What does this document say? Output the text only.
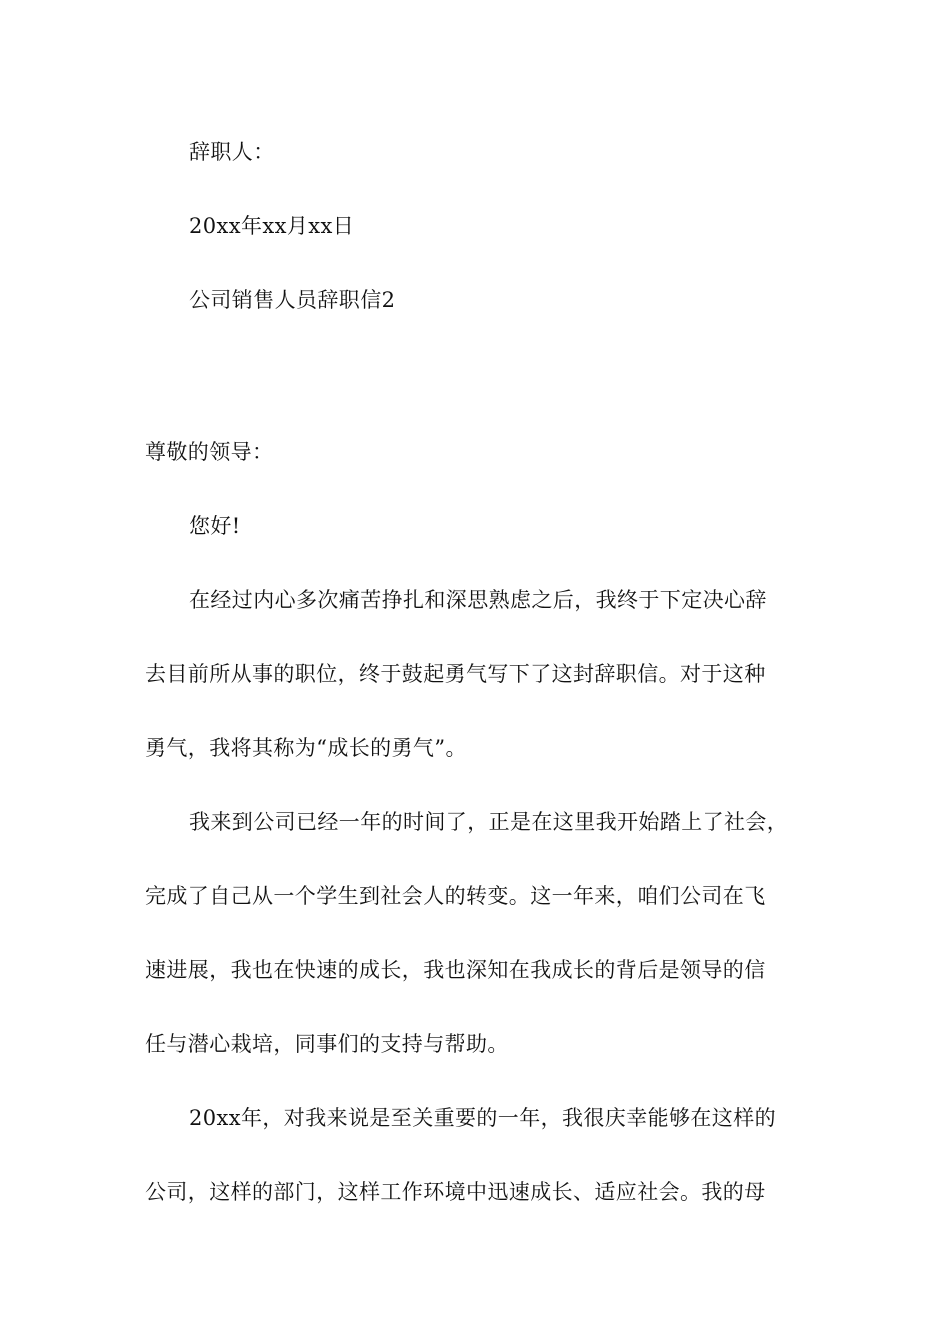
辞职人：
20xx年xx月xx日
公司销售人员辞职信2
尊敬的领导：
您好!
在经过内心多次痛苦挣扎和深思熟虑之后，我终于下定决心辞
去目前所从事的职位，终于鼓起勇气写下了这封辞职信。对于这种
勇气，我将其称为“成长的勇气”。
我来到公司已经一年的时间了，正是在这里我开始踏上了社会，
完成了自己从一个学生到社会人的转变。这一年来，咱们公司在飞
速进展，我也在快速的成长，我也深知在我成长的背后是领导的信
任与潜心栽培，同事们的支持与帮助。
20xx年，对我来说是至关重要的一年，我很庆幸能够在这样的
公司，这样的部门，这样工作环境中迅速成长、适应社会。我的母
